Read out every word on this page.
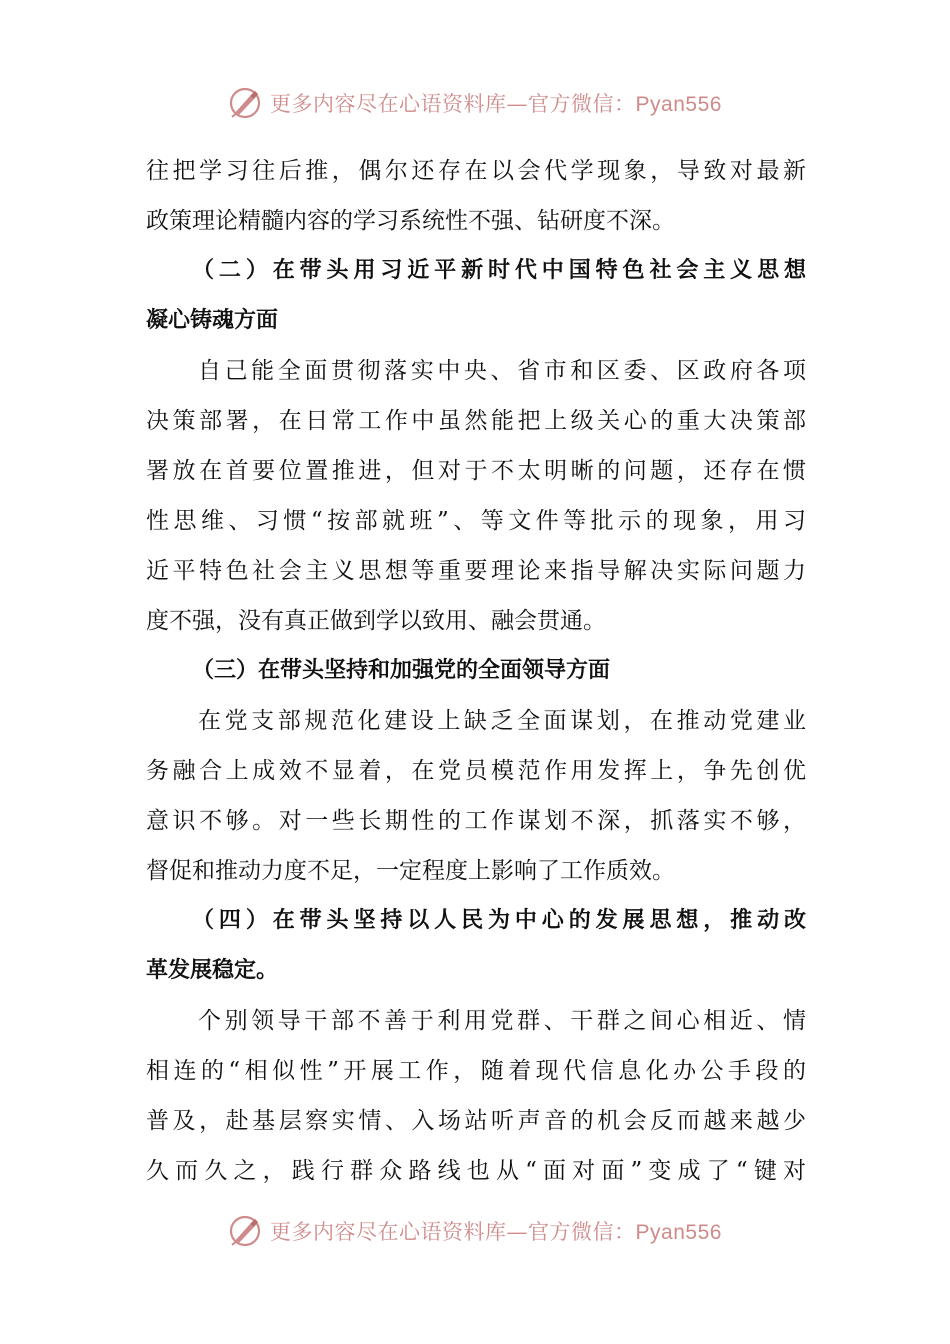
更多内容尽在心语资料库—官方微信：Pyan556
往把学习往后推，偶尔还存在以会代学现象，导致对最新
政策理论精髓内容的学习系统性不强、钻研度不深。
（二）在带头用习近平新时代中国特色社会主义思想
凝心铸魂方面
自己能全面贯彻落实中央、省市和区委、区政府各项
决策部署，在日常工作中虽然能把上级关心的重大决策部
署放在首要位置推进，但对于不太明晰的问题，还存在惯
性思维、习惯“按部就班”、等文件等批示的现象，用习
近平特色社会主义思想等重要理论来指导解决实际问题力
度不强，没有真正做到学以致用、融会贯通。
（三）在带头坚持和加强党的全面领导方面
在党支部规范化建设上缺乏全面谋划，在推动党建业
务融合上成效不显着，在党员模范作用发挥上，争先创优
意识不够。对一些长期性的工作谋划不深，抓落实不够，
督促和推动力度不足，一定程度上影响了工作质效。
（四）在带头坚持以人民为中心的发展思想，推动改
革发展稳定。
个别领导干部不善于利用党群、干群之间心相近、情
相连的“相似性”开展工作，随着现代信息化办公手段的
普及，赴基层察实情、入场站听声音的机会反而越来越少
久而久之，践行群众路线也从“面对面”变成了“键对
更多内容尽在心语资料库—官方微信：Pyan556
